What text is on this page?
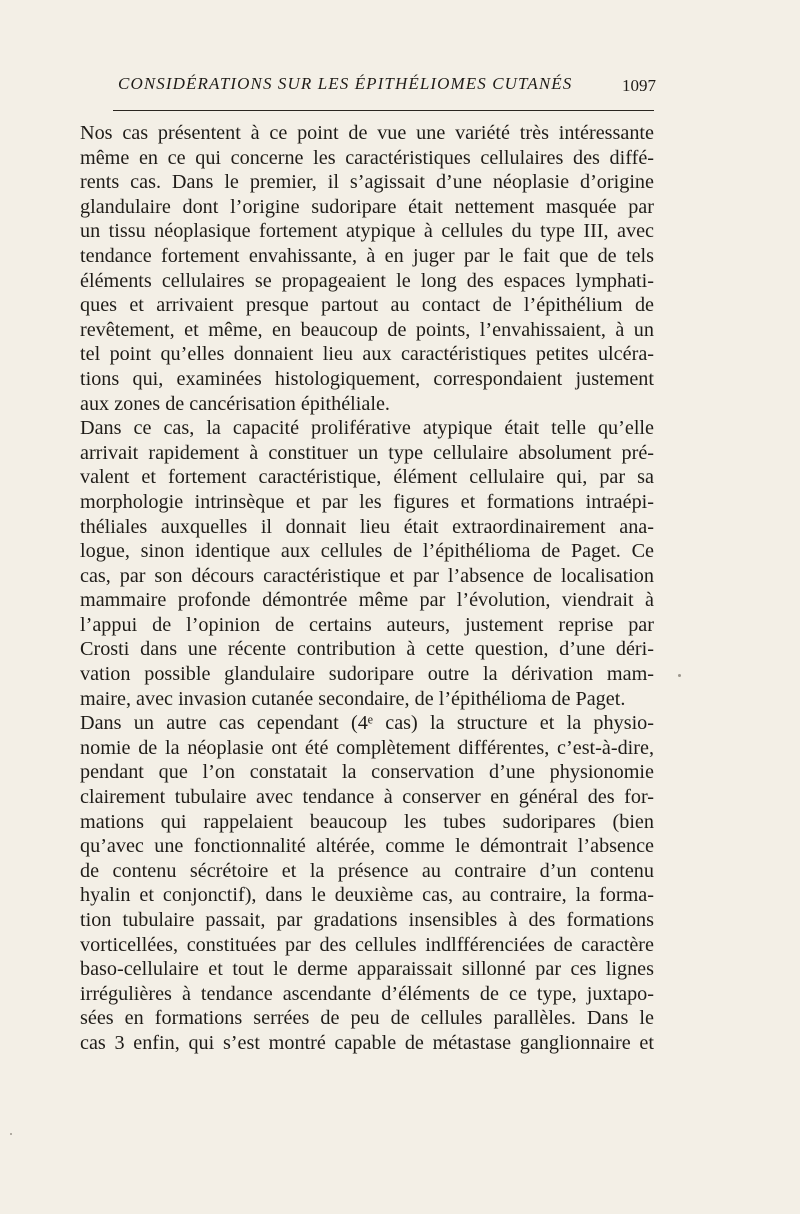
CONSIDÉRATIONS SUR LES ÉPITHÉLIOMES CUTANÉS	1097
Nos cas présentent à ce point de vue une variété très intéressante
même en ce qui concerne les caractéristiques cellulaires des diffé-
rents cas. Dans le premier, il s’agissait d’une néoplasie d’origine
glandulaire dont l’origine sudoripare était nettement masquée par
un tissu néoplasique fortement atypique à cellules du type III, avec
tendance fortement envahissante, à en juger par le fait que de tels
éléments cellulaires se propageaient le long des espaces lymphati-
ques et arrivaient presque partout au contact de l’épithélium de
revêtement, et même, en beaucoup de points, l’envahissaient, à un
tel point qu’elles donnaient lieu aux caractéristiques petites ulcéra-
tions qui, examinées histologiquement, correspondaient justement
aux zones de cancérisation épithéliale.
Dans ce cas, la capacité proliférative atypique était telle qu’elle
arrivait rapidement à constituer un type cellulaire absolument pré-
valent et fortement caractéristique, élément cellulaire qui, par sa
morphologie intrinsèque et par les figures et formations intraépi-
théliales auxquelles il donnait lieu était extraordinairement ana-
logue, sinon identique aux cellules de l’épithélioma de Paget. Ce
cas, par son décours caractéristique et par l’absence de localisation
mammaire profonde démontrée même par l’évolution, viendrait à
l’appui de l’opinion de certains auteurs, justement reprise par
Crosti dans une récente contribution à cette question, d’une déri-
vation possible glandulaire sudoripare outre la dérivation mam-
maire, avec invasion cutanée secondaire, de l’épithélioma de Paget.
Dans un autre cas cependant (4ᵉ cas) la structure et la physio-
nomie de la néoplasie ont été complètement différentes, c’est-à-dire,
pendant que l’on constatait la conservation d’une physionomie
clairement tubulaire avec tendance à conserver en général des for-
mations qui rappelaient beaucoup les tubes sudoripares (bien
qu’avec une fonctionnalité altérée, comme le démontrait l’absence
de contenu sécrétoire et la présence au contraire d’un contenu
hyalin et conjonctif), dans le deuxième cas, au contraire, la forma-
tion tubulaire passait, par gradations insensibles à des formations
vorticellées, constituées par des cellules indlfférenciées de caractère
baso-cellulaire et tout le derme apparaissait sillonné par ces lignes
irrégulières à tendance ascendante d’éléments de ce type, juxtapo-
sées en formations serrées de peu de cellules parallèles. Dans le
cas 3 enfin, qui s’est montré capable de métastase ganglionnaire et
